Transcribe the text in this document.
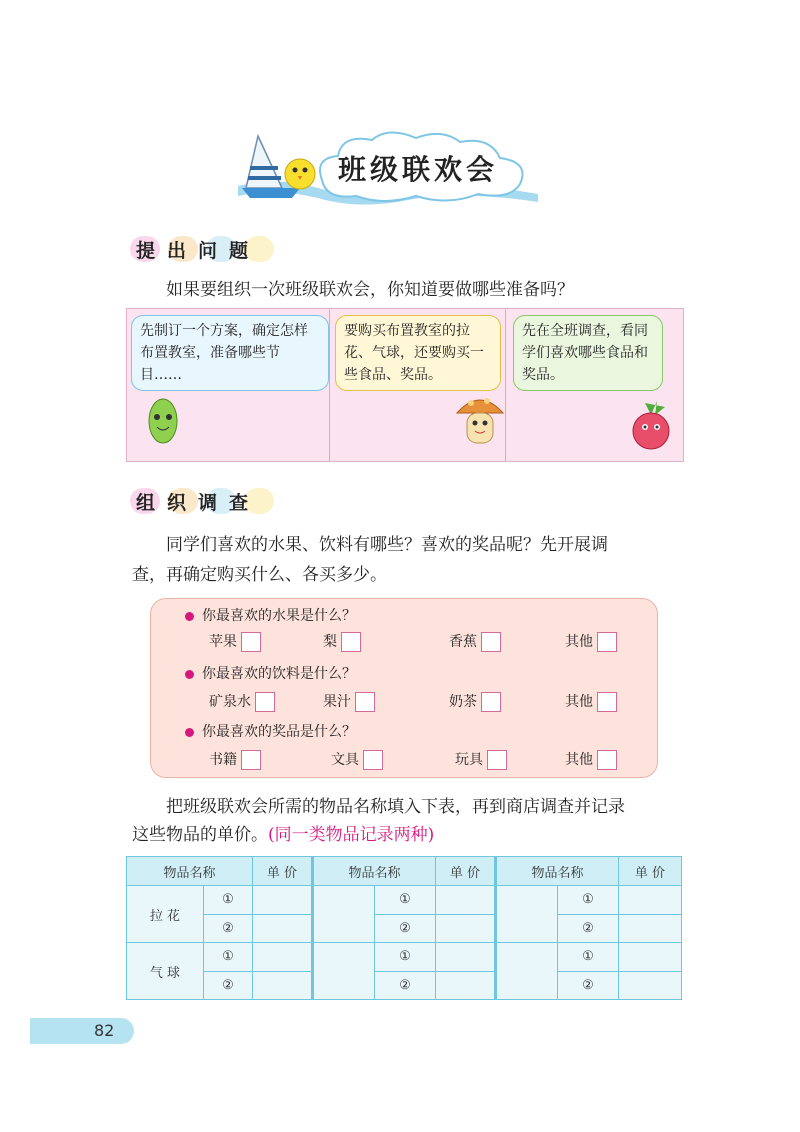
班级联欢会
提出问题
如果要组织一次班级联欢会，你知道要做哪些准备吗？
先制订一个方案，确定怎样布置教室，准备哪些节目……
要购买布置教室的拉花、气球，还要购买一些食品、奖品。
先在全班调查，看同学们喜欢哪些食品和奖品。
组织调查
同学们喜欢的水果、饮料有哪些？喜欢的奖品呢？先开展调
查，再确定购买什么、各买多少。
你最喜欢的水果是什么？
苹果	梨	香蕉	其他
你最喜欢的饮料是什么？
矿泉水	果汁	奶茶	其他
你最喜欢的奖品是什么？
书籍	文具	玩具	其他
把班级联欢会所需的物品名称填入下表，再到商店调查并记录
这些物品的单价。(同一类物品记录两种)
物品名称		单 价	物品名称		单 价	物品名称		单 价
拉 花	①			①			①	
	②			②			②	
气 球	①			①			①	
	②			②			②	
82
